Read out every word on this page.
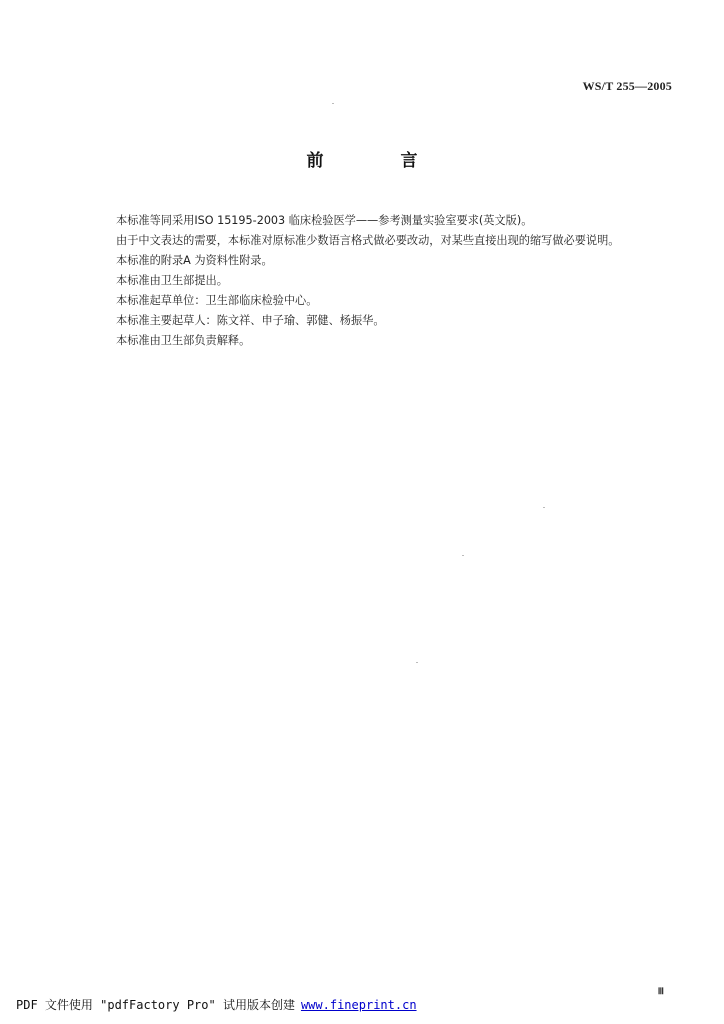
WS/T 255—2005
前　言

本标准等同采用ISO 15195-2003 临床检验医学——参考测量实验室要求(英文版)。

由于中文表达的需要，本标准对原标准少数语言格式做必要改动，对某些直接出现的缩写做必要说明。

本标准的附录A 为资料性附录。

本标准由卫生部提出。

本标准起草单位：卫生部临床检验中心。

本标准主要起草人：陈文祥、申子瑜、郭健、杨振华。

本标准由卫生部负责解释。

Ⅲ
PDF 文件使用 "pdfFactory Pro" 试用版本创建 www.fineprint.cn
